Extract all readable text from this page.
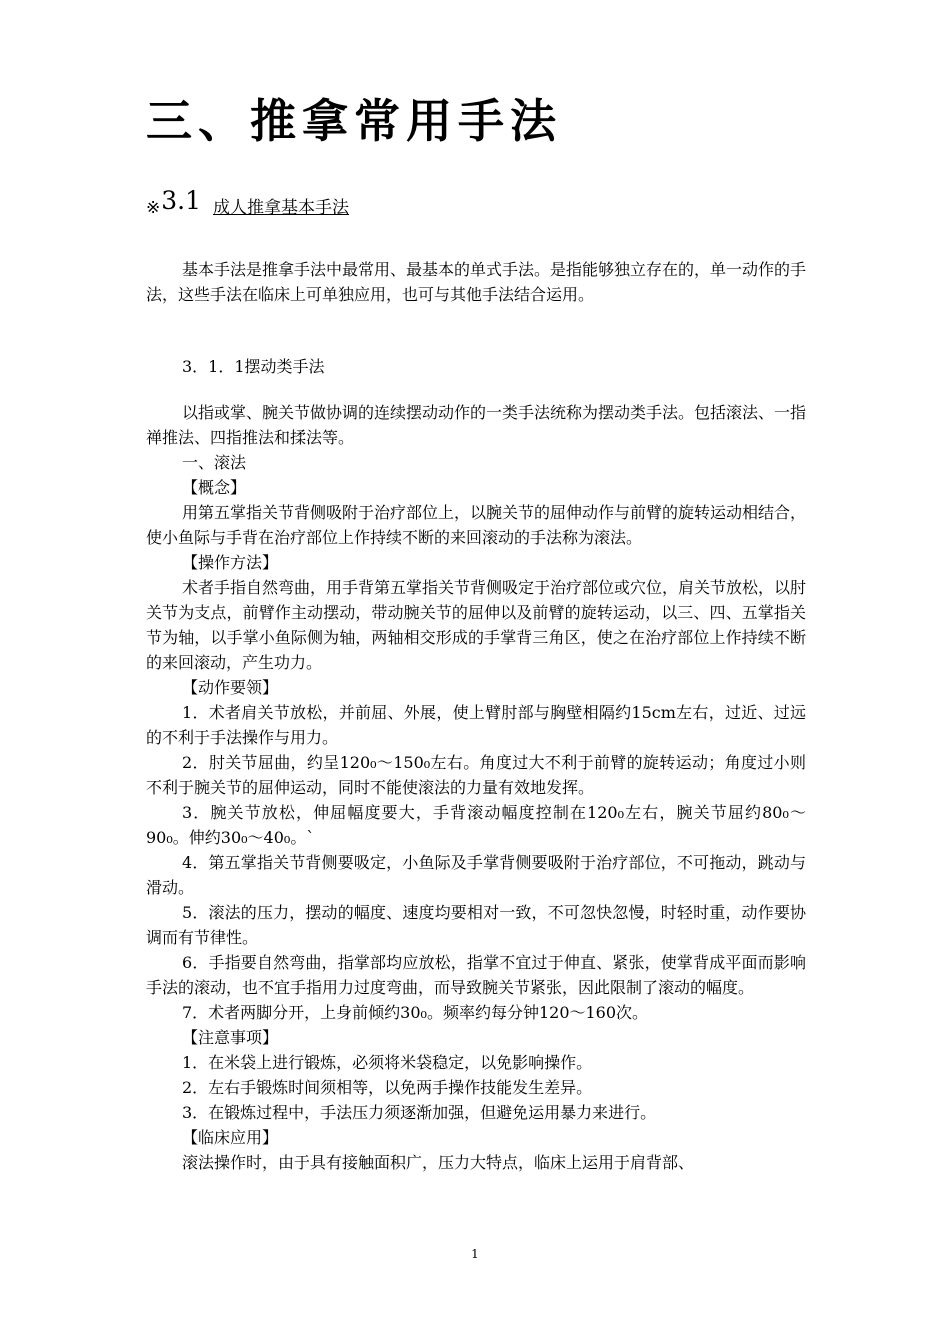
三、推拿常用手法
※3.1 成人推拿基本手法

基本手法是推拿手法中最常用、最基本的单式手法。是指能够独立存在的，单一动作的手法，这些手法在临床上可单独应用，也可与其他手法结合运用。

3．1．1摆动类手法

以指或掌、腕关节做协调的连续摆动动作的一类手法统称为摆动类手法。包括滚法、一指禅推法、四指推法和揉法等。

一、滚法

【概念】

用第五掌指关节背侧吸附于治疗部位上，以腕关节的屈伸动作与前臂的旋转运动相结合，使小鱼际与手背在治疗部位上作持续不断的来回滚动的手法称为滚法。

【操作方法】

术者手指自然弯曲，用手背第五掌指关节背侧吸定于治疗部位或穴位，肩关节放松，以肘关节为支点，前臂作主动摆动，带动腕关节的屈伸以及前臂的旋转运动，以三、四、五掌指关节为轴，以手掌小鱼际侧为轴，两轴相交形成的手掌背三角区，使之在治疗部位上作持续不断的来回滚动，产生功力。

【动作要领】

1．术者肩关节放松，并前屈、外展，使上臂肘部与胸壁相隔约15cm左右，过近、过远的不利于手法操作与用力。

2．肘关节屈曲，约呈120₀～150₀左右。角度过大不利于前臂的旋转运动；角度过小则不利于腕关节的屈伸运动，同时不能使滚法的力量有效地发挥。

3．腕关节放松，伸屈幅度要大，手背滚动幅度控制在120₀左右，腕关节屈约80₀～90₀。伸约30₀～40₀。`

4．第五掌指关节背侧要吸定，小鱼际及手掌背侧要吸附于治疗部位，不可拖动，跳动与滑动。

5．滚法的压力，摆动的幅度、速度均要相对一致，不可忽快忽慢，时轻时重，动作要协调而有节律性。

6．手指要自然弯曲，指掌部均应放松，指掌不宜过于伸直、紧张，使掌背成平面而影响手法的滚动，也不宜手指用力过度弯曲，而导致腕关节紧张，因此限制了滚动的幅度。

7．术者两脚分开，上身前倾约30₀。频率约每分钟120～160次。

【注意事项】

1．在米袋上进行锻炼，必须将米袋稳定，以免影响操作。

2．左右手锻炼时间须相等，以免两手操作技能发生差异。

3．在锻炼过程中，手法压力须逐渐加强，但避免运用暴力来进行。

【临床应用】

滚法操作时，由于具有接触面积广，压力大特点，临床上运用于肩背部、

1
